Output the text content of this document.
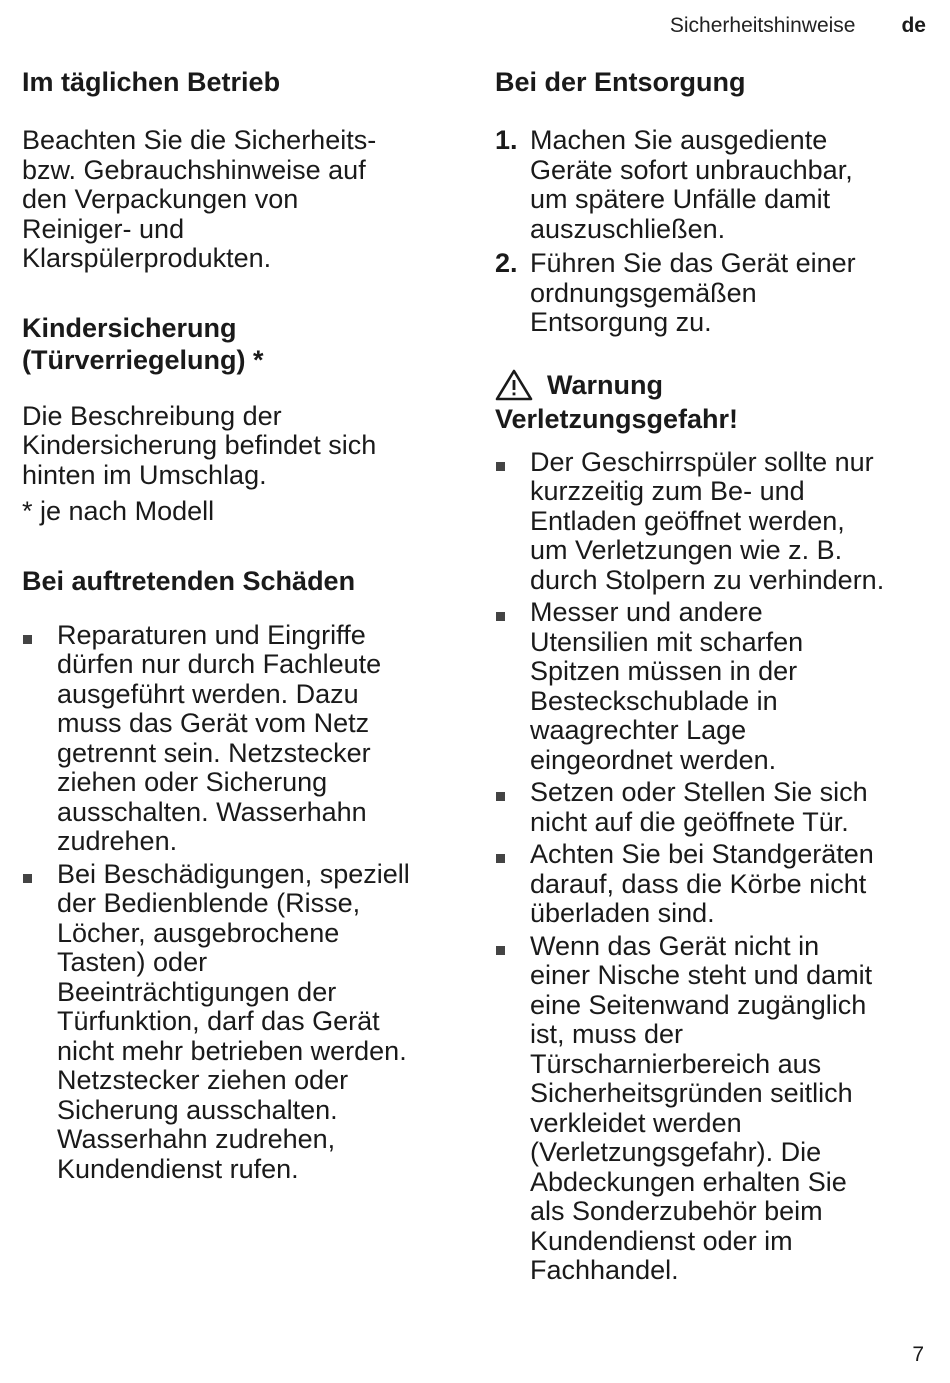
Sicherheitshinweise de
Im täglichen Betrieb

Beachten Sie die Sicherheits-
bzw. Gebrauchshinweise auf
den Verpackungen von
Reiniger- und
Klarspülerprodukten.

Kindersicherung
(Türverriegelung) *

Die Beschreibung der
Kindersicherung befindet sich
hinten im Umschlag.

* je nach Modell

Bei auftretenden Schäden
Reparaturen und Eingriffe
dürfen nur durch Fachleute
ausgeführt werden. Dazu
muss das Gerät vom Netz
getrennt sein. Netzstecker
ziehen oder Sicherung
ausschalten. Wasserhahn
zudrehen.
Bei Beschädigungen, speziell
der Bedienblende (Risse,
Löcher, ausgebrochene
Tasten) oder
Beeinträchtigungen der
Türfunktion, darf das Gerät
nicht mehr betrieben werden.
Netzstecker ziehen oder
Sicherung ausschalten.
Wasserhahn zudrehen,
Kundendienst rufen.
Bei der Entsorgung
1. Machen Sie ausgediente
Geräte sofort unbrauchbar,
um spätere Unfälle damit
auszuschließen.
2. Führen Sie das Gerät einer
ordnungsgemäßen
Entsorgung zu.
Warnung
Verletzungsgefahr!
Der Geschirrspüler sollte nur
kurzzeitig zum Be- und
Entladen geöffnet werden,
um Verletzungen wie z. B.
durch Stolpern zu verhindern.
Messer und andere
Utensilien mit scharfen
Spitzen müssen in der
Besteckschublade in
waagrechter Lage
eingeordnet werden.
Setzen oder Stellen Sie sich
nicht auf die geöffnete Tür.
Achten Sie bei Standgeräten
darauf, dass die Körbe nicht
überladen sind.
Wenn das Gerät nicht in
einer Nische steht und damit
eine Seitenwand zugänglich
ist, muss der
Türscharnierbereich aus
Sicherheitsgründen seitlich
verkleidet werden
(Verletzungsgefahr). Die
Abdeckungen erhalten Sie
als Sonderzubehör beim
Kundendienst oder im
Fachhandel.
7
